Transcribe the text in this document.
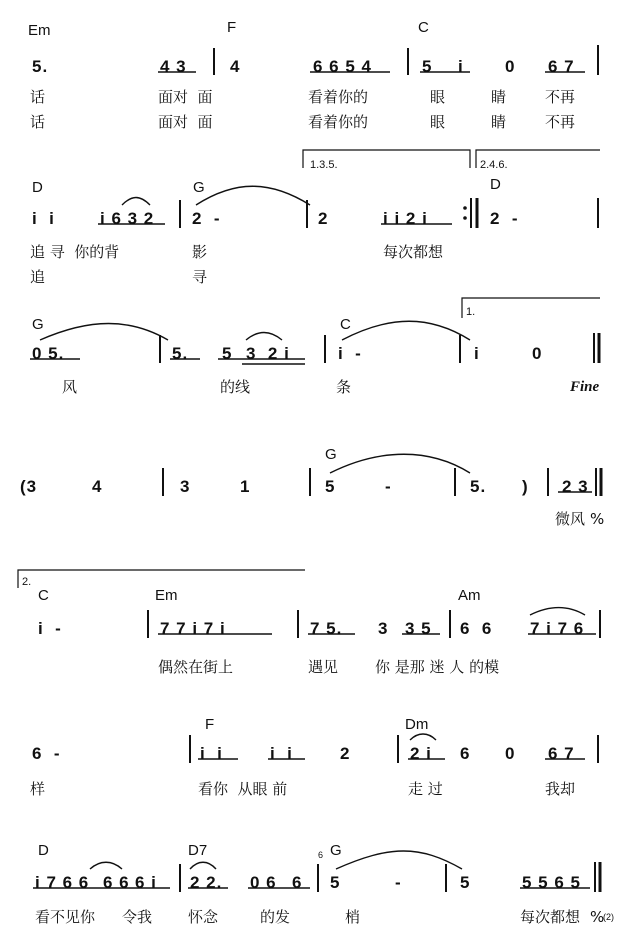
Em	F	C
5.	4 3	4	6 6 5 4	5 i 0 6 7
话	面对  面	看着你的	眼	睛	不再
话	面对  面	看着你的	眼	睛	不再
D	G	D
i  i	i 6 3 2 2  -	2	i i 2 i	2  -
追 寻  你的背	影	每次都想
追	寻
G	C
0 5.	5. 5 3  2 i	i  -	i	0
风	的线	条
G
(3	4	3	1	5	-	5. ) 2 3
微风
C	Em	Am
i  -	7 7 i 7 i	7 5. 3 3 5 6  6 7 i 7 6
偶然在街上	遇见 你 是那 迷 人 的模
F	Dm
6  -	i  i	i  i	2	2 i 6 0 6 7
样	看你  从眼 前	走 过	我却
D	D7	G
i 7 6 6 6 6 6 i 2 2. 0 6 6 5	-	5	5 5 6 5
看不见你 令我 怀念	的发	梢	每次都想
1.3.5.	2.4.6.
1.
2.
Fine
%
%
(2)
6
